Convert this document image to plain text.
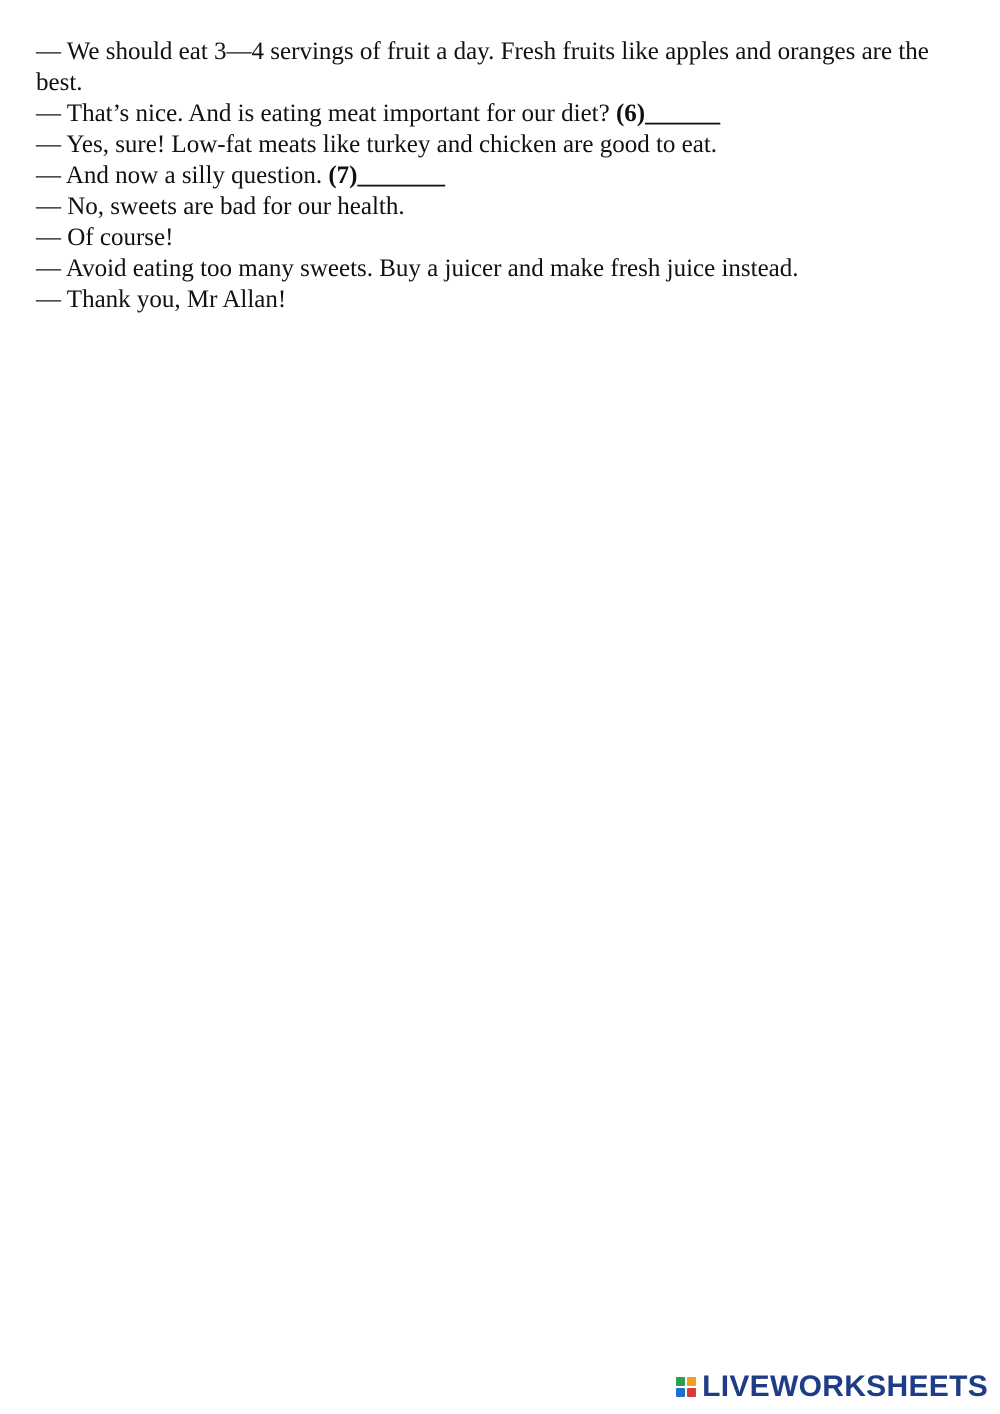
— We should eat 3—4 servings of fruit a day. Fresh fruits like apples and oranges are the best.

— That’s nice. And is eating meat important for our diet? (6)______

— Yes, sure! Low-fat meats like turkey and chicken are good to eat.

— And now a silly question. (7)_______

— No, sweets are bad for our health.

— Of course!

— Avoid eating too many sweets. Buy a juicer and make fresh juice instead.

— Thank you, Mr Allan!

LIVEWORKSHEETS
